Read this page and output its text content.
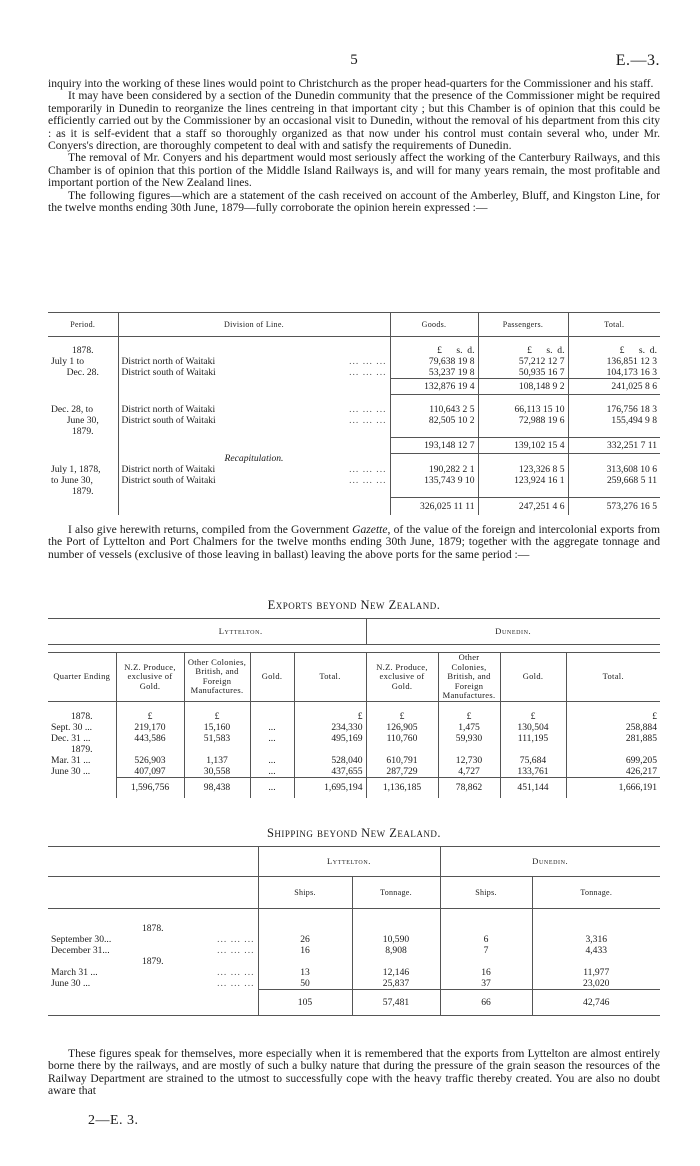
5	E.—3.

inquiry into the working of these lines would point to Christchurch as the proper head-quarters for the Commissioner and his staff.

It may have been considered by a section of the Dunedin community that the presence of the Commissioner might be required temporarily in Dunedin to reorganize the lines centreing in that important city ; but this Chamber is of opinion that this could be efficiently carried out by the Commissioner by an occasional visit to Dunedin, without the removal of his department from this city : as it is self-evident that a staff so thoroughly organized as that now under his control must contain several who, under Mr. Conyers's direction, are thoroughly competent to deal with and satisfy the requirements of Dunedin.

The removal of Mr. Conyers and his department would most seriously affect the working of the Canterbury Railways, and this Chamber is of opinion that this portion of the Middle Island Railways is, and will for many years remain, the most profitable and important portion of the New Zealand lines.

The following figures—which are a statement of the cash received on account of the Amberley, Bluff, and Kingston Line, for the twelve months ending 30th June, 1879—fully corroborate the opinion herein expressed :—

Period.	Division of Line.	Goods.	Passengers.	Total.

1878.		£ s. d.	£ s. d.	£ s. d.
July 1 to	District north of Waitaki ... ... ...	79,638 19 8	57,212 12 7	136,851 12 3
Dec. 28.	District south of Waitaki ... ... ...	53,237 19 8	50,935 16 7	104,173 16 3
		132,876 19 4	108,148 9 2	241,025 8 6

Dec. 28, to	District north of Waitaki ... ... ...	110,643 2 5	66,113 15 10	176,756 18 3
June 30,	District south of Waitaki ... ... ...	82,505 10 2	72,988 19 6	155,494 9 8
1879.				
		193,148 12 7	139,102 15 4	332,251 7 11
	Recapitulation.			
July 1, 1878,	District north of Waitaki ... ... ...	190,282 2 1	123,326 8 5	313,608 10 6
to June 30,	District south of Waitaki ... ... ...	135,743 9 10	123,924 16 1	259,668 5 11
1879.				
		326,025 11 11	247,251 4 6	573,276 16 5

I also give herewith returns, compiled from the Government Gazette, of the value of the foreign and intercolonial exports from the Port of Lyttelton and Port Chalmers for the twelve months ending 30th June, 1879; together with the aggregate tonnage and number of vessels (exclusive of those leaving in ballast) leaving the above ports for the same period :—

Exports beyond New Zealand.
	Lyttelton.				Dunedin.			

Quarter Ending	N.Z. Produce, exclusive of Gold.	Other Colonies, British, and Foreign Manufactures.	Gold.	Total.	N.Z. Produce, exclusive of Gold.	Other Colonies, British, and Foreign Manufactures.	Gold.	Total.

1878.	£	£		£	£	£	£	£
Sept. 30 ...	219,170	15,160	...	234,330	126,905	1,475	130,504	258,884
Dec. 31 ...	443,586	51,583	...	495,169	110,760	59,930	111,195	281,885
1879.								
Mar. 31 ...	526,903	1,137	...	528,040	610,791	12,730	75,684	699,205
June 30 ...	407,097	30,558	...	437,655	287,729	4,727	133,761	426,217
	1,596,756	98,438	...	1,695,194	1,136,185	78,862	451,144	1,666,191
Shipping beyond New Zealand.
	Lyttelton.		Dunedin.	
	Ships.	Tonnage.	Ships.	Tonnage.

1878.				
September 30... ... ... ...	26	10,590	6	3,316
December 31... ... ... ...	16	8,908	7	4,433
1879.				
March 31 ... ... ... ...	13	12,146	16	11,977
June 30 ... ... ... ...	50	25,837	37	23,020
	105	57,481	66	42,746

These figures speak for themselves, more especially when it is remembered that the exports from Lyttelton are almost entirely borne there by the railways, and are mostly of such a bulky nature that during the pressure of the grain season the resources of the Railway Department are strained to the utmost to successfully cope with the heavy traffic thereby created. You are also no doubt aware that

2—E. 3.
